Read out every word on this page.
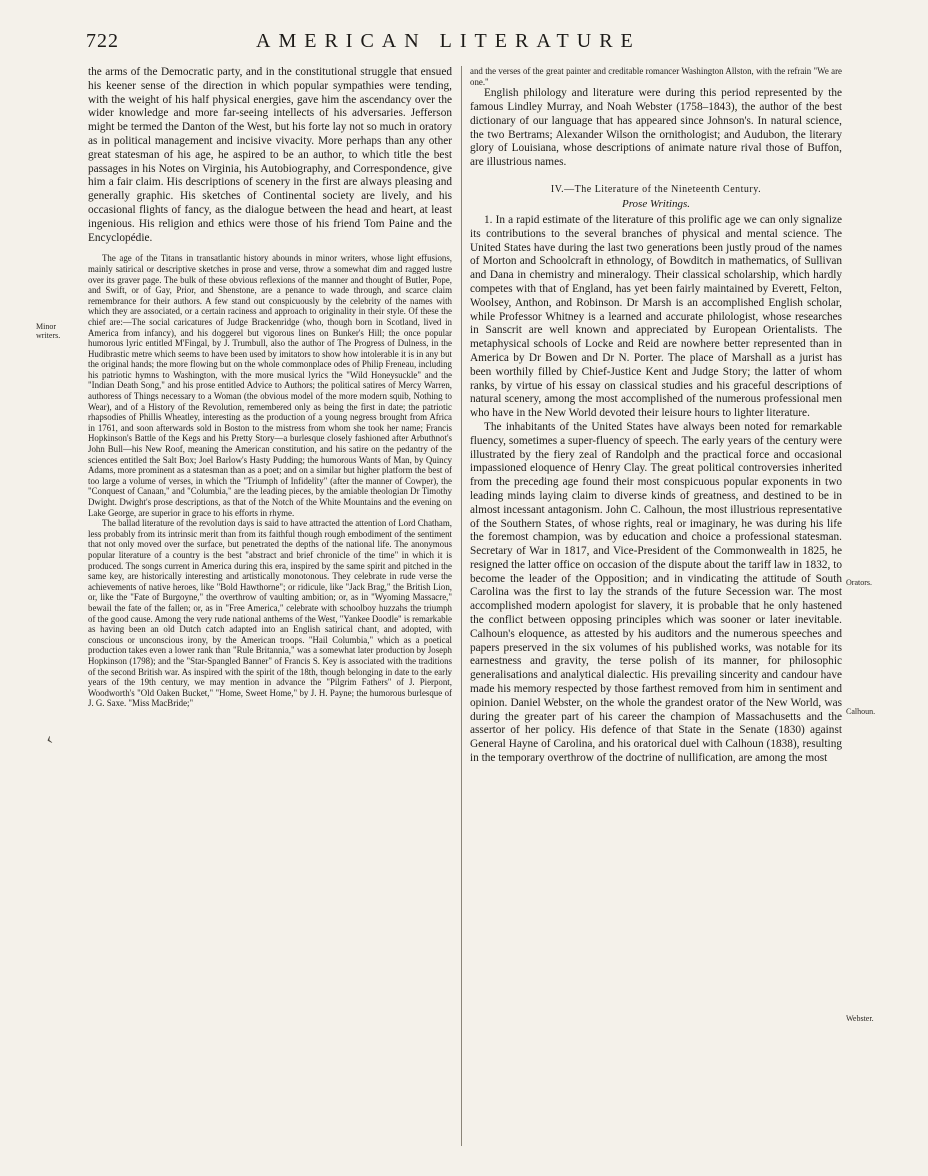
722	AMERICAN LITERATURE

the arms of the Democratic party, and in the constitutional struggle that ensued his keener sense of the direction in which popular sympathies were tending, with the weight of his half physical energies, gave him the ascendancy over the wider knowledge and more far-seeing intellects of his adversaries. Jefferson might be termed the Danton of the West, but his forte lay not so much in oratory as in political management and incisive vivacity. More perhaps than any other great statesman of his age, he aspired to be an author, to which title the best passages in his Notes on Virginia, his Autobiography, and Correspondence, give him a fair claim. His descriptions of scenery in the first are always pleasing and generally graphic. His sketches of Continental society are lively, and his occasional flights of fancy, as the dialogue between the head and heart, at least ingenious. His religion and ethics were those of his friend Tom Paine and the Encyclopédie.

The age of the Titans in transatlantic history abounds in minor writers, whose light effusions, mainly satirical or descriptive sketches in prose and verse, throw a somewhat dim and ragged lustre over its graver page. The bulk of these obvious reflexions of the manner and thought of Butler, Pope, and Swift, or of Gay, Prior, and Shenstone, are a penance to wade through, and scarce claim remembrance for their authors. A few stand out conspicuously by the celebrity of the names with which they are associated, or a certain raciness and approach to originality in their style. Of these the chief are:—The social caricatures of Judge Brackenridge (who, though born in Scotland, lived in America from infancy), and his doggerel but vigorous lines on Bunker's Hill; the once popular humorous lyric entitled M'Fingal, by J. Trumbull, also the author of The Progress of Dulness, in the Hudibrastic metre which seems to have been used by imitators to show how intolerable it is in any but the original hands; the more flowing but on the whole commonplace odes of Philip Freneau, including his patriotic hymns to Washington, with the more musical lyrics the "Wild Honeysuckle" and the "Indian Death Song," and his prose entitled Advice to Authors; the political satires of Mercy Warren, authoress of Things necessary to a Woman (the obvious model of the more modern squib, Nothing to Wear), and of a History of the Revolution, remembered only as being the first in date; the patriotic rhapsodies of Phillis Wheatley, interesting as the production of a young negress brought from Africa in 1761, and soon afterwards sold in Boston to the mistress from whom she took her name; Francis Hopkinson's Battle of the Kegs and his Pretty Story—a burlesque closely fashioned after Arbuthnot's John Bull—his New Roof, meaning the American constitution, and his satire on the pedantry of the sciences entitled the Salt Box; Joel Barlow's Hasty Pudding; the humorous Wants of Man, by Quincy Adams, more prominent as a statesman than as a poet; and on a similar but higher platform the best of too large a volume of verses, in which the "Triumph of Infidelity" (after the manner of Cowper), the "Conquest of Canaan," and "Columbia," are the leading pieces, by the amiable theologian Dr Timothy Dwight. Dwight's prose descriptions, as that of the Notch of the White Mountains and the evening on Lake George, are superior in grace to his efforts in rhyme.

The ballad literature of the revolution days is said to have attracted the attention of Lord Chatham, less probably from its intrinsic merit than from its faithful though rough embodiment of the sentiment that not only moved over the surface, but penetrated the depths of the national life. The anonymous popular literature of a country is the best "abstract and brief chronicle of the time" in which it is produced. The songs current in America during this era, inspired by the same spirit and pitched in the same key, are historically interesting and artistically monotonous. They celebrate in rude verse the achievements of native heroes, like "Bold Hawthorne"; or ridicule, like "Jack Brag," the British Lion, or, like the "Fate of Burgoyne," the overthrow of vaulting ambition; or, as in "Wyoming Massacre," bewail the fate of the fallen; or, as in "Free America," celebrate with schoolboy huzzahs the triumph of the good cause. Among the very rude national anthems of the West, "Yankee Doodle" is remarkable as having been an old Dutch catch adapted into an English satirical chant, and adopted, with conscious or unconscious irony, by the American troops. "Hail Columbia," which as a poetical production takes even a lower rank than "Rule Britannia," was a somewhat later production by Joseph Hopkinson (1798); and the "Star-Spangled Banner" of Francis S. Key is associated with the traditions of the second British war. As inspired with the spirit of the 18th, though belonging in date to the early years of the 19th century, we may mention in advance the "Pilgrim Fathers" of J. Pierpont, Woodworth's "Old Oaken Bucket," "Home, Sweet Home," by J. H. Payne; the humorous burlesque of J. G. Saxe. "Miss MacBride;"

and the verses of the great painter and creditable romancer Washington Allston, with the refrain "We are one."

English philology and literature were during this period represented by the famous Lindley Murray, and Noah Webster (1758–1843), the author of the best dictionary of our language that has appeared since Johnson's. In natural science, the two Bertrams; Alexander Wilson the ornithologist; and Audubon, the literary glory of Louisiana, whose descriptions of animate nature rival those of Buffon, are illustrious names.

IV.—The Literature of the Nineteenth Century.

Prose Writings.

1. In a rapid estimate of the literature of this prolific age we can only signalize its contributions to the several branches of physical and mental science. The United States have during the last two generations been justly proud of the names of Morton and Schoolcraft in ethnology, of Bowditch in mathematics, of Sullivan and Dana in chemistry and mineralogy. Their classical scholarship, which hardly competes with that of England, has yet been fairly maintained by Everett, Felton, Woolsey, Anthon, and Robinson. Dr Marsh is an accomplished English scholar, while Professor Whitney is a learned and accurate philologist, whose researches in Sanscrit are well known and appreciated by European Orientalists. The metaphysical schools of Locke and Reid are nowhere better represented than in America by Dr Bowen and Dr N. Porter. The place of Marshall as a jurist has been worthily filled by Chief-Justice Kent and Judge Story; the latter of whom ranks, by virtue of his essay on classical studies and his graceful descriptions of natural scenery, among the most accomplished of the numerous professional men who have in the New World devoted their leisure hours to lighter literature.

The inhabitants of the United States have always been noted for remarkable fluency, sometimes a super-fluency of speech. The early years of the century were illustrated by the fiery zeal of Randolph and the practical force and occasional impassioned eloquence of Henry Clay. The great political controversies inherited from the preceding age found their most conspicuous popular exponents in two leading minds laying claim to diverse kinds of greatness, and destined to be in almost incessant antagonism. John C. Calhoun, the most illustrious representative of the Southern States, of whose rights, real or imaginary, he was during his life the foremost champion, was by education and choice a professional statesman. Secretary of War in 1817, and Vice-President of the Commonwealth in 1825, he resigned the latter office on occasion of the dispute about the tariff law in 1832, to become the leader of the Opposition; and in vindicating the attitude of South Carolina was the first to lay the strands of the future Secession war. The most accomplished modern apologist for slavery, it is probable that he only hastened the conflict between opposing principles which was sooner or later inevitable. Calhoun's eloquence, as attested by his auditors and the numerous speeches and papers preserved in the six volumes of his published works, was notable for its earnestness and gravity, the terse polish of its manner, for philosophic generalisations and analytical dialectic. His prevailing sincerity and candour have made his memory respected by those farthest removed from him in sentiment and opinion. Daniel Webster, on the whole the grandest orator of the New World, was during the greater part of his career the champion of Massachusetts and the assertor of her policy. His defence of that State in the Senate (1830) against General Hayne of Carolina, and his oratorical duel with Calhoun (1838), resulting in the temporary overthrow of the doctrine of nullification, are among the most

Minor writers.
Orators.
Calhoun.
Webster.
‹
